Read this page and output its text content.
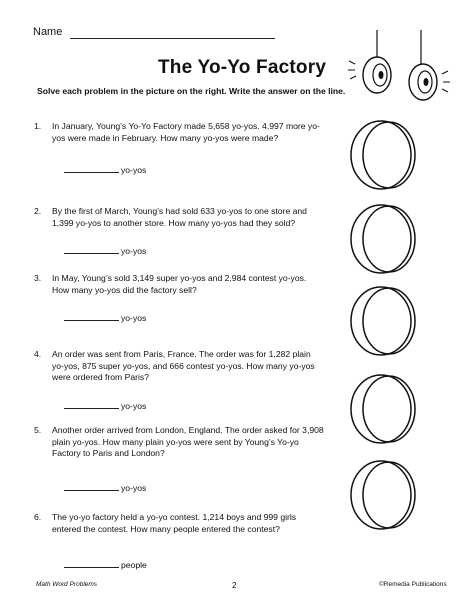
Name
The Yo-Yo Factory
Solve each problem in the picture on the right. Write the answer on the line.
1.	In January, Young’s Yo-Yo Factory made 5,658 yo-yos. 4,997 more yo-yos were made in February. How many yo-yos were made?
yo-yos
2.	By the first of March, Young’s had sold 633 yo-yos to one store and 1,399 yo-yos to another store. How many yo-yos had they sold?
yo-yos
3.	In May, Young’s sold 3,149 super yo-yos and 2,984 contest yo-yos. How many yo-yos did the factory sell?
yo-yos
4.	An order was sent from Paris, France. The order was for 1,282 plain yo-yos, 875 super yo-yos, and 666 contest yo-yos. How many yo-yos were ordered from Paris?
yo-yos
5.	Another order arrived from London, England. The order asked for 3,908 plain yo-yos. How many plain yo-yos were sent by Young’s Yo-yo Factory to Paris and London?
yo-yos
6.	The yo-yo factory held a yo-yo contest. 1,214 boys and 999 girls entered the contest. How many people entered the contest?
people
Math Word Problems	2	©Remedia Publications
